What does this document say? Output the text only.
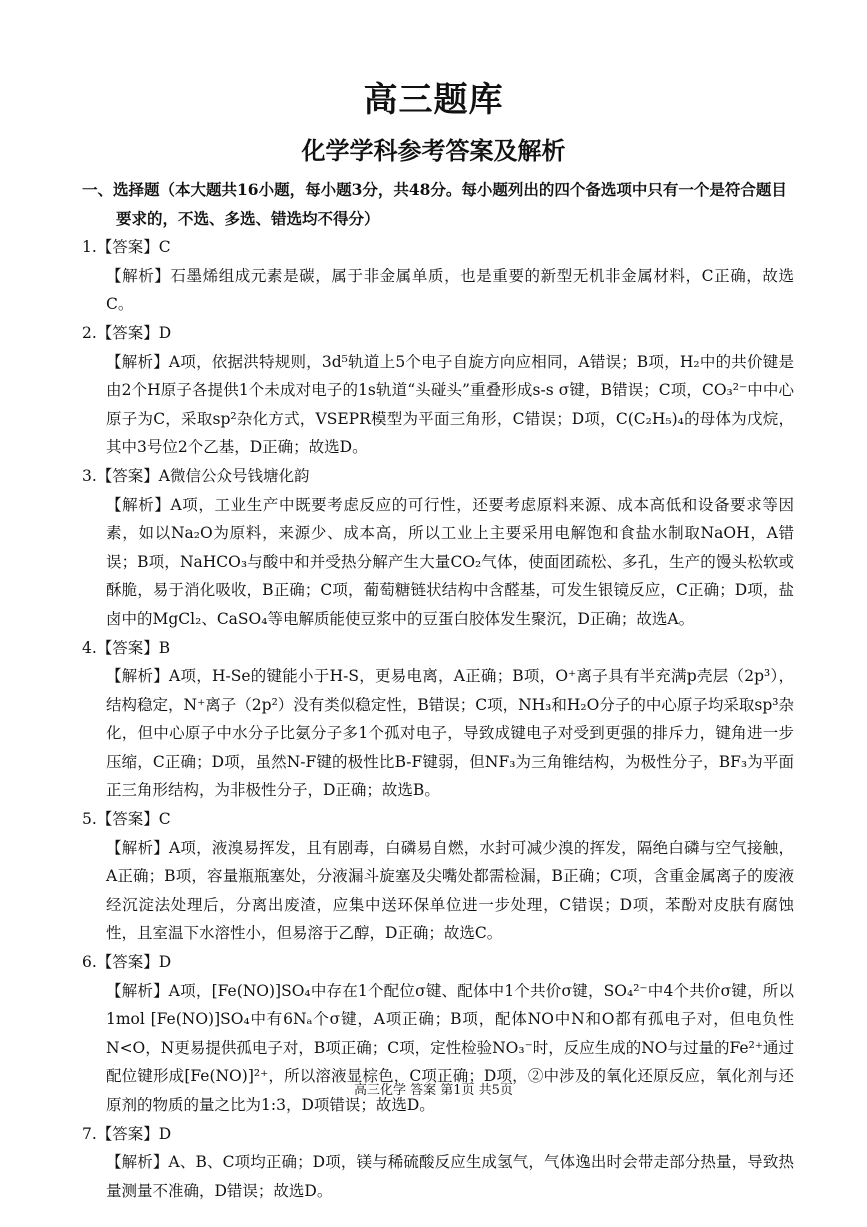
高三题库
化学学科参考答案及解析

一、选择题（本大题共16小题，每小题3分，共48分。每小题列出的四个备选项中只有一个是符合题目要求的，不选、多选、错选均不得分）

1.【答案】C

【解析】石墨烯组成元素是碳，属于非金属单质，也是重要的新型无机非金属材料，C正确，故选C。

2.【答案】D

【解析】A项，依据洪特规则，3d⁵轨道上5个电子自旋方向应相同，A错误；B项，H₂中的共价键是由2个H原子各提供1个未成对电子的1s轨道“头碰头”重叠形成s-s σ键，B错误；C项，CO₃²⁻中中心原子为C，采取sp²杂化方式，VSEPR模型为平面三角形，C错误；D项，C(C₂H₅)₄的母体为戊烷，其中3号位2个乙基，D正确；故选D。

3.【答案】A微信公众号钱塘化韵

【解析】A项，工业生产中既要考虑反应的可行性，还要考虑原料来源、成本高低和设备要求等因素，如以Na₂O为原料，来源少、成本高，所以工业上主要采用电解饱和食盐水制取NaOH，A错误；B项，NaHCO₃与酸中和并受热分解产生大量CO₂气体，使面团疏松、多孔，生产的馒头松软或酥脆，易于消化吸收，B正确；C项，葡萄糖链状结构中含醛基，可发生银镜反应，C正确；D项，盐卤中的MgCl₂、CaSO₄等电解质能使豆浆中的豆蛋白胶体发生聚沉，D正确；故选A。

4.【答案】B

【解析】A项，H-Se的键能小于H-S，更易电离，A正确；B项，O⁺离子具有半充满p壳层（2p³），结构稳定，N⁺离子（2p²）没有类似稳定性，B错误；C项，NH₃和H₂O分子的中心原子均采取sp³杂化，但中心原子中水分子比氨分子多1个孤对电子，导致成键电子对受到更强的排斥力，键角进一步压缩，C正确；D项，虽然N-F键的极性比B-F键弱，但NF₃为三角锥结构，为极性分子，BF₃为平面正三角形结构，为非极性分子，D正确；故选B。

5.【答案】C

【解析】A项，液溴易挥发，且有剧毒，白磷易自燃，水封可减少溴的挥发，隔绝白磷与空气接触，A正确；B项，容量瓶瓶塞处，分液漏斗旋塞及尖嘴处都需检漏，B正确；C项，含重金属离子的废液经沉淀法处理后，分离出废渣，应集中送环保单位进一步处理，C错误；D项，苯酚对皮肤有腐蚀性，且室温下水溶性小，但易溶于乙醇，D正确；故选C。

6.【答案】D

【解析】A项，[Fe(NO)]SO₄中存在1个配位σ键、配体中1个共价σ键，SO₄²⁻中4个共价σ键，所以1mol [Fe(NO)]SO₄中有6Nₐ个σ键，A项正确；B项，配体NO中N和O都有孤电子对，但电负性N<O，N更易提供孤电子对，B项正确；C项，定性检验NO₃⁻时，反应生成的NO与过量的Fe²⁺通过配位键形成[Fe(NO)]²⁺，所以溶液显棕色，C项正确；D项，②中涉及的氧化还原反应，氧化剂与还原剂的物质的量之比为1:3，D项错误；故选D。

7.【答案】D

【解析】A、B、C项均正确；D项，镁与稀硫酸反应生成氢气，气体逸出时会带走部分热量，导致热量测量不准确，D错误；故选D。

高三化学 答案 第1页 共5页
